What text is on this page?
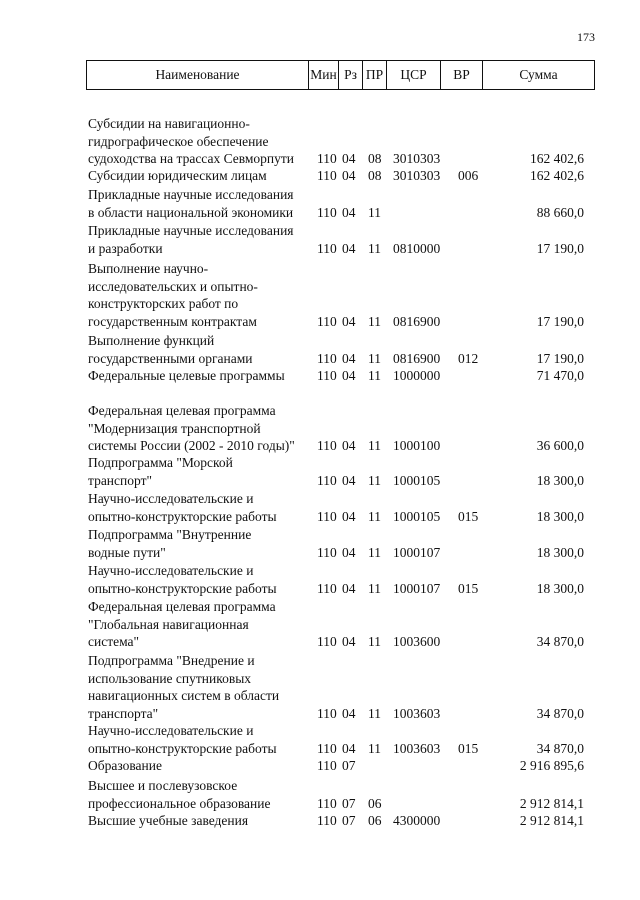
173
Наименование	Мин Рз ПР	ЦСР	ВР	Сумма
Субсидии на навигационно-
гидрографическое обеспечение
судоходства на трассах Севморпути	110 04 08 3010303	162 402,6
Субсидии юридическим лицам	110 04 08 3010303 006	162 402,6
Прикладные научные исследования
в области национальной экономики	110 04 11	88 660,0
Прикладные научные исследования
и разработки	110 04 11 0810000	17 190,0
Выполнение научно-
исследовательских и опытно-
конструкторских работ по
государственным контрактам	110 04 11 0816900	17 190,0
Выполнение функций
государственными органами	110 04 11 0816900 012	17 190,0
Федеральные целевые программы	110 04 11 1000000	71 470,0
Федеральная целевая программа
"Модернизация транспортной
системы России (2002 - 2010 годы)"	110 04 11 1000100	36 600,0
Подпрограмма "Морской
транспорт"	110 04 11 1000105	18 300,0
Научно-исследовательские и
опытно-конструкторские работы	110 04 11 1000105 015	18 300,0
Подпрограмма "Внутренние
водные пути"	110 04 11 1000107	18 300,0
Научно-исследовательские и
опытно-конструкторские работы	110 04 11 1000107 015	18 300,0
Федеральная целевая программа
"Глобальная навигационная
система"	110 04 11 1003600	34 870,0
Подпрограмма "Внедрение и
использование спутниковых
навигационных систем в области
транспорта"	110 04 11 1003603	34 870,0
Научно-исследовательские и
опытно-конструкторские работы	110 04 11 1003603 015	34 870,0
Образование	110 07	2 916 895,6
Высшее и послевузовское
профессиональное образование	110 07 06	2 912 814,1
Высшие учебные заведения	110 07 06 4300000	2 912 814,1
